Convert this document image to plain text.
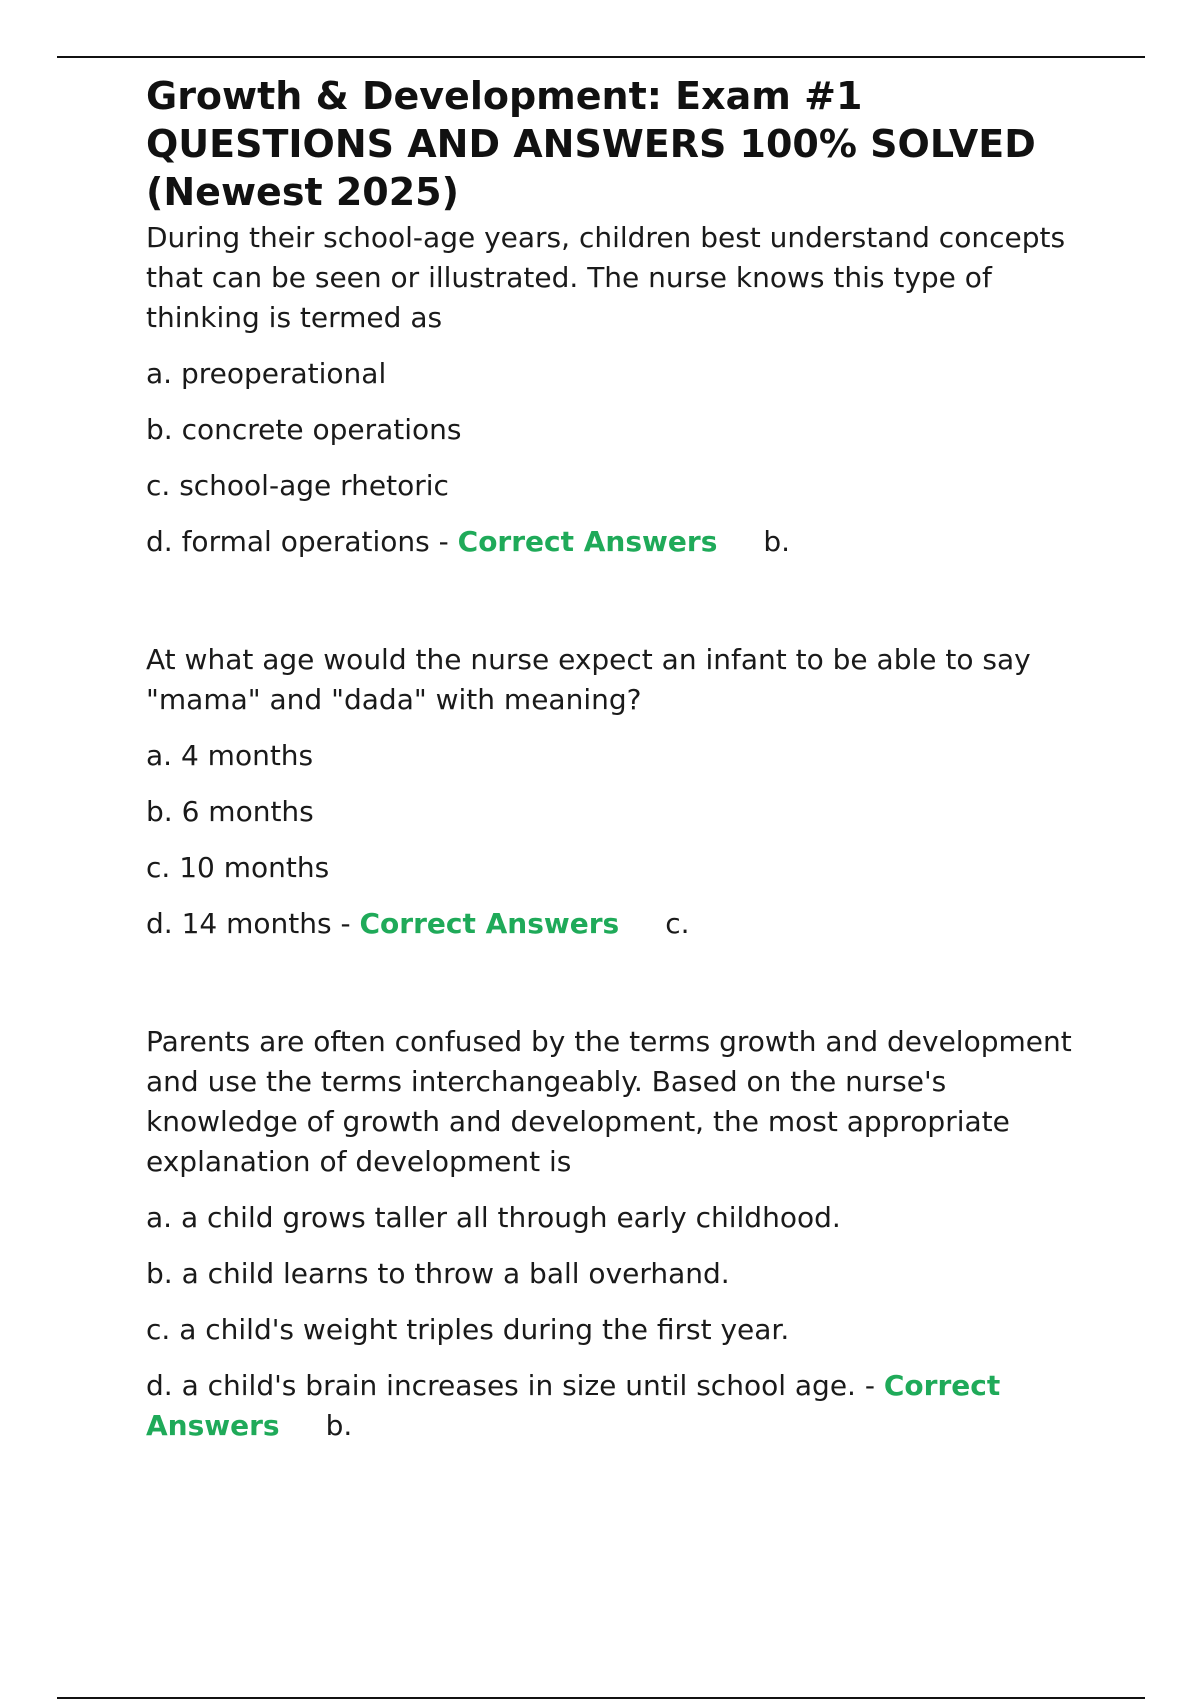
Growth & Development: Exam #1 QUESTIONS AND ANSWERS 100% SOLVED (Newest 2025)

During their school-age years, children best understand concepts that can be seen or illustrated. The nurse knows this type of thinking is termed as

a. preoperational

b. concrete operations

c. school-age rhetoric

d. formal operations - Correct Answers b.

At what age would the nurse expect an infant to be able to say "mama" and "dada" with meaning?

a. 4 months

b. 6 months

c. 10 months

d. 14 months - Correct Answers c.

Parents are often confused by the terms growth and development and use the terms interchangeably. Based on the nurse's knowledge of growth and development, the most appropriate explanation of development is

a. a child grows taller all through early childhood.

b. a child learns to throw a ball overhand.

c. a child's weight triples during the first year.

d. a child's brain increases in size until school age. - Correct Answers b.
